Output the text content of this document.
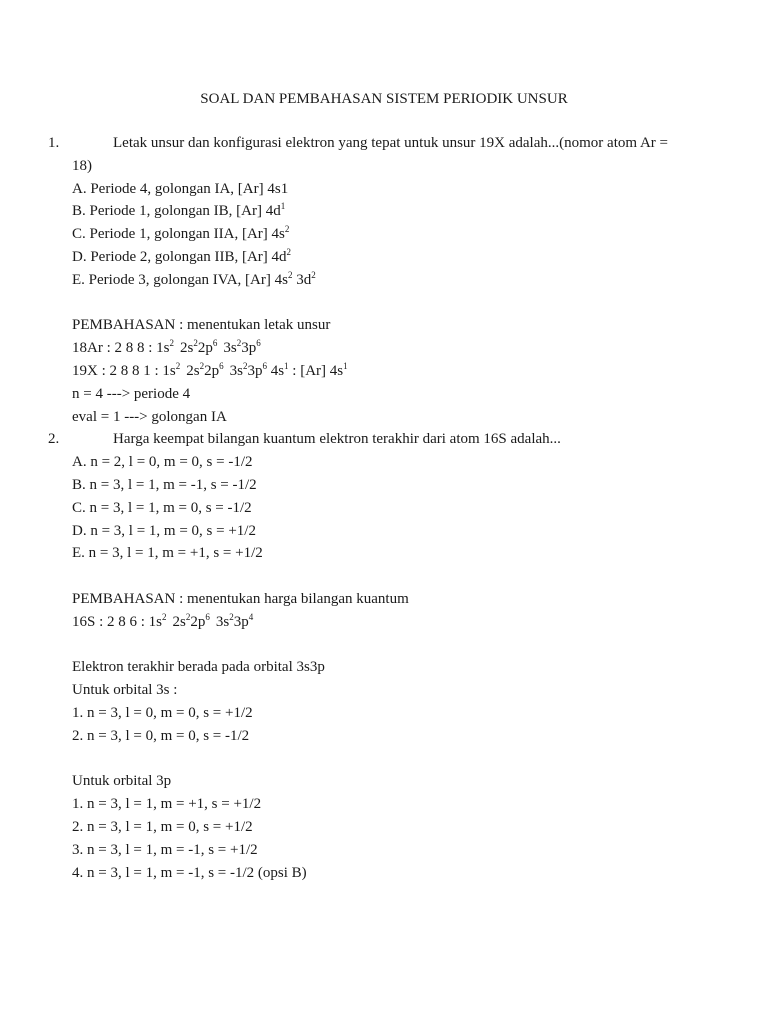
SOAL DAN PEMBAHASAN SISTEM PERIODIK UNSUR
1.	Letak unsur dan konfigurasi elektron yang tepat untuk unsur 19X adalah...(nomor atom Ar =
18)
A. Periode 4, golongan IA, [Ar] 4s1
B. Periode 1, golongan IB, [Ar] $4d^1$
C. Periode 1, golongan IIA, [Ar] $4s^2$
D. Periode 2, golongan IIB, [Ar] $4d^2$
E. Periode 3, golongan IVA, [Ar] $4s^2$ $3d^2$
PEMBAHASAN : menentukan letak unsur
18Ar : 2 8 8 : $1s^2$ $2s^22p^6$ $3s^23p^6$
19X : 2 8 8 1 : $1s^2$ $2s^22p^6$ $3s^23p^6$ $4s^1$ : [Ar] $4s^1$
n = 4 ---> periode 4
eval = 1 ---> golongan IA
2.	Harga keempat bilangan kuantum elektron terakhir dari atom 16S adalah...
A. n = 2, l = 0, m = 0, s = -1/2
B. n = 3, l = 1, m = -1, s = -1/2
C. n = 3, l = 1, m = 0, s = -1/2
D. n = 3, l = 1, m = 0, s = +1/2
E. n = 3, l = 1, m = +1, s = +1/2
PEMBAHASAN : menentukan harga bilangan kuantum
16S : 2 8 6 : $1s^2$ $2s^22p^6$ $3s^23p^4$
Elektron terakhir berada pada orbital 3s3p
Untuk orbital 3s :
1. n = 3, l = 0, m = 0, s = +1/2
2. n = 3, l = 0, m = 0, s = -1/2
Untuk orbital 3p
1. n = 3, l = 1, m = +1, s = +1/2
2. n = 3, l = 1, m = 0, s = +1/2
3. n = 3, l = 1, m = -1, s = +1/2
4. n = 3, l = 1, m = -1, s = -1/2 (opsi B)
